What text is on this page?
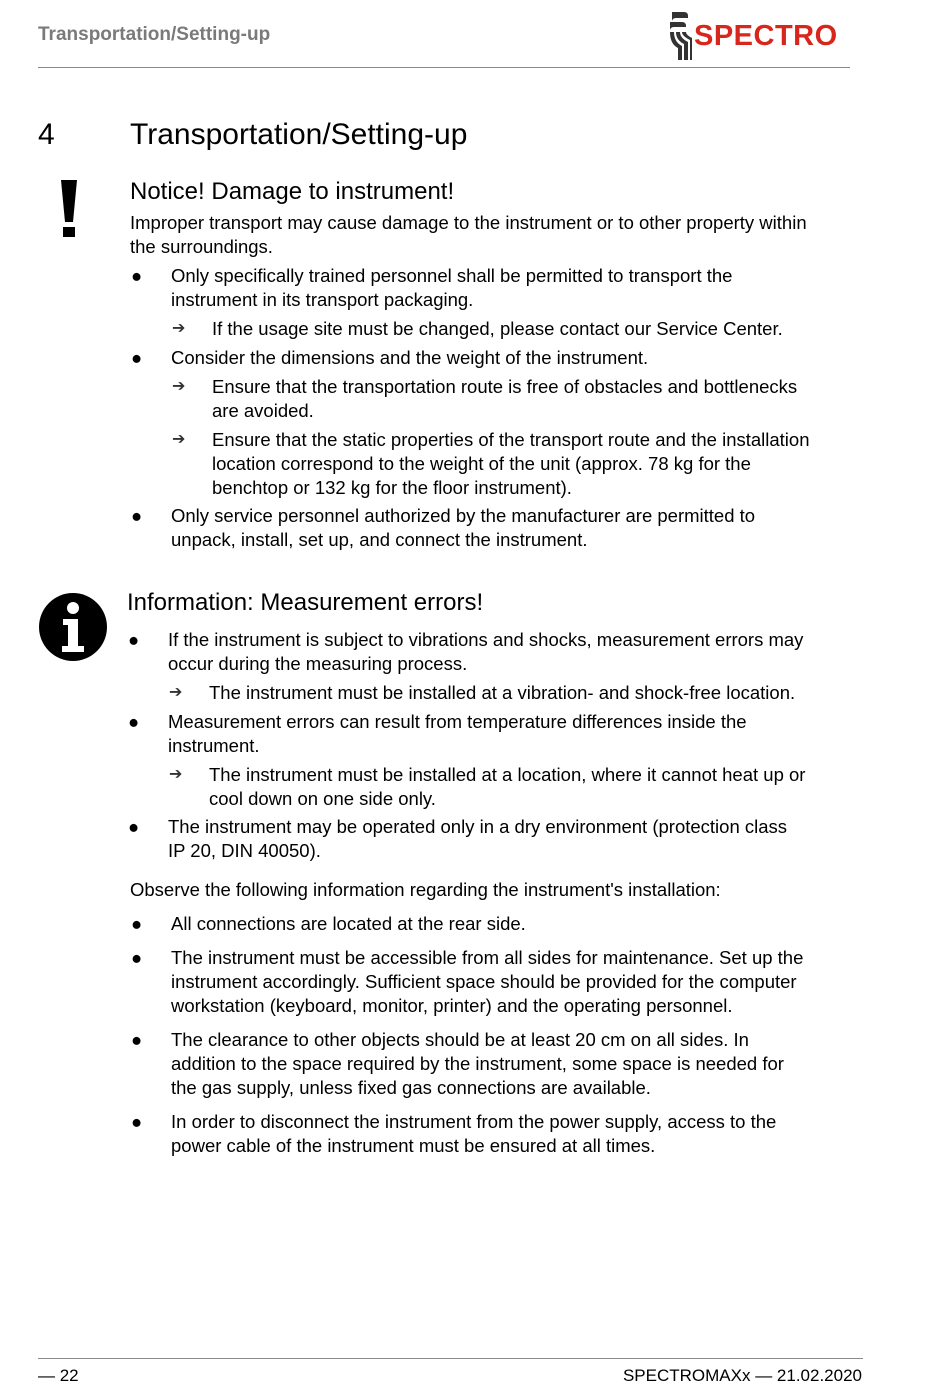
Transportation/Setting-up	SPECTRO
4	Transportation/Setting-up
Notice! Damage to instrument!
Improper transport may cause damage to the instrument or to other property within
the surroundings.
● Only specifically trained personnel shall be permitted to transport the
instrument in its transport packaging.
➔ If the usage site must be changed, please contact our Service Center.
● Consider the dimensions and the weight of the instrument.
➔ Ensure that the transportation route is free of obstacles and bottlenecks
are avoided.
➔ Ensure that the static properties of the transport route and the installation
location correspond to the weight of the unit (approx. 78 kg for the
benchtop or 132 kg for the floor instrument).
● Only service personnel authorized by the manufacturer are permitted to
unpack, install, set up, and connect the instrument.
Information: Measurement errors!
● If the instrument is subject to vibrations and shocks, measurement errors may
occur during the measuring process.
➔ The instrument must be installed at a vibration- and shock-free location.
● Measurement errors can result from temperature differences inside the
instrument.
➔ The instrument must be installed at a location, where it cannot heat up or
cool down on one side only.
● The instrument may be operated only in a dry environment (protection class
IP 20, DIN 40050).
Observe the following information regarding the instrument's installation:
● All connections are located at the rear side.
● The instrument must be accessible from all sides for maintenance. Set up the
instrument accordingly. Sufficient space should be provided for the computer
workstation (keyboard, monitor, printer) and the operating personnel.
● The clearance to other objects should be at least 20 cm on all sides. In
addition to the space required by the instrument, some space is needed for
the gas supply, unless fixed gas connections are available.
● In order to disconnect the instrument from the power supply, access to the
power cable of the instrument must be ensured at all times.
— 22	SPECTROMAXx — 21.02.2020
